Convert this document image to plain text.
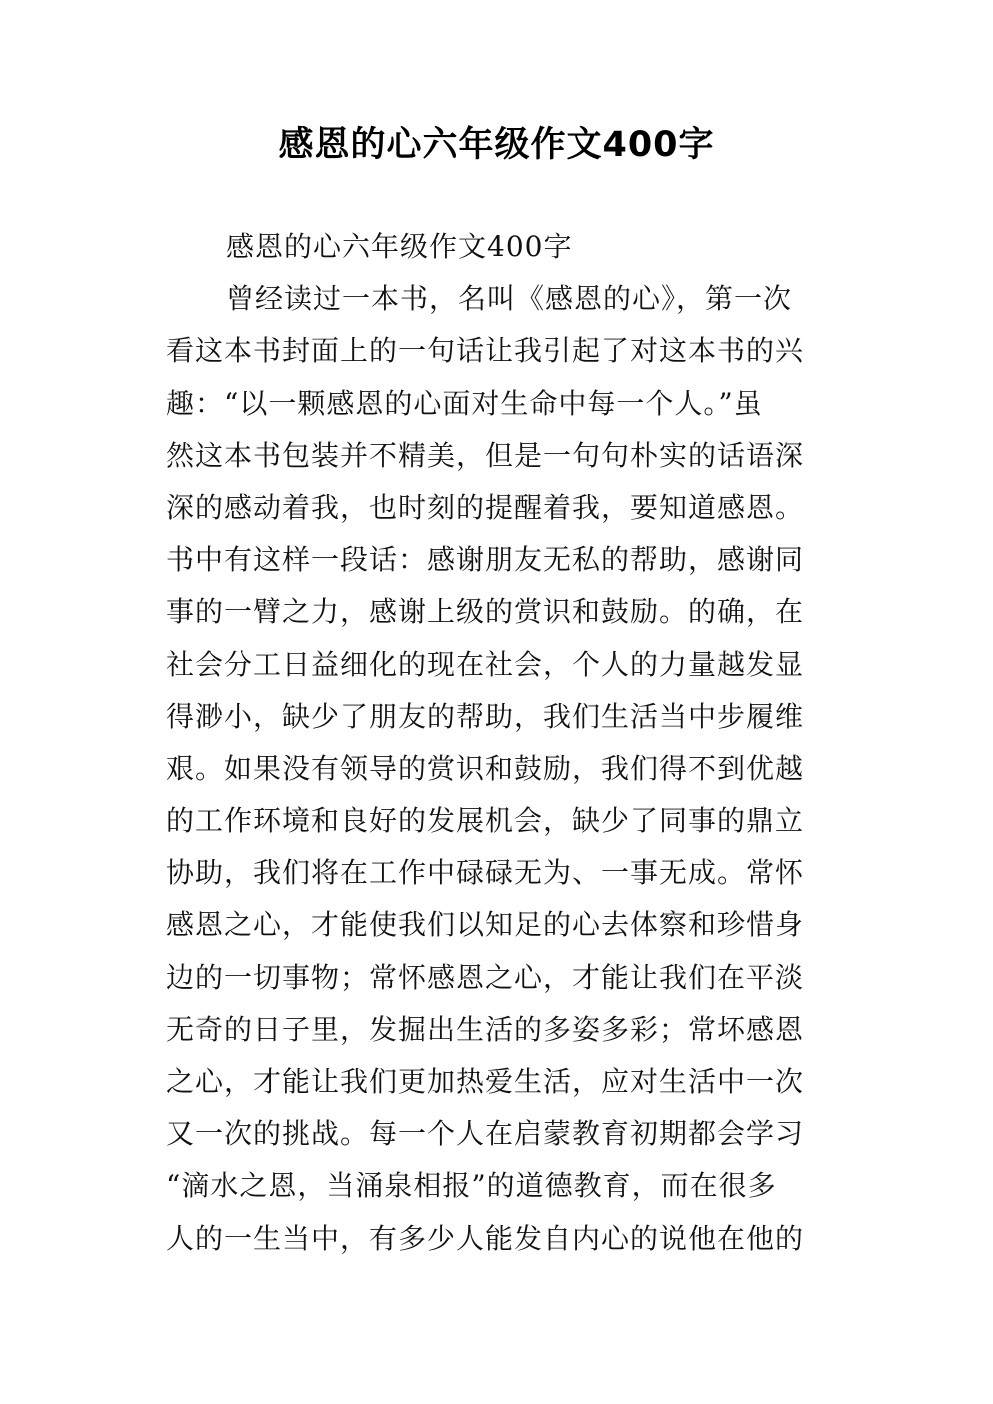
感恩的心六年级作文400字
感恩的心六年级作文400字
曾经读过一本书，名叫《感恩的心》，第一次
看这本书封面上的一句话让我引起了对这本书的兴
趣：“以一颗感恩的心面对生命中每一个人。”虽
然这本书包装并不精美，但是一句句朴实的话语深
深的感动着我，也时刻的提醒着我，要知道感恩。
书中有这样一段话：感谢朋友无私的帮助，感谢同
事的一臂之力，感谢上级的赏识和鼓励。的确，在
社会分工日益细化的现在社会，个人的力量越发显
得渺小，缺少了朋友的帮助，我们生活当中步履维
艰。如果没有领导的赏识和鼓励，我们得不到优越
的工作环境和良好的发展机会，缺少了同事的鼎立
协助，我们将在工作中碌碌无为、一事无成。常怀
感恩之心，才能使我们以知足的心去体察和珍惜身
边的一切事物；常怀感恩之心，才能让我们在平淡
无奇的日子里，发掘出生活的多姿多彩；常坏感恩
之心，才能让我们更加热爱生活，应对生活中一次
又一次的挑战。每一个人在启蒙教育初期都会学习
“滴水之恩，当涌泉相报”的道德教育，而在很多
人的一生当中，有多少人能发自内心的说他在他的
